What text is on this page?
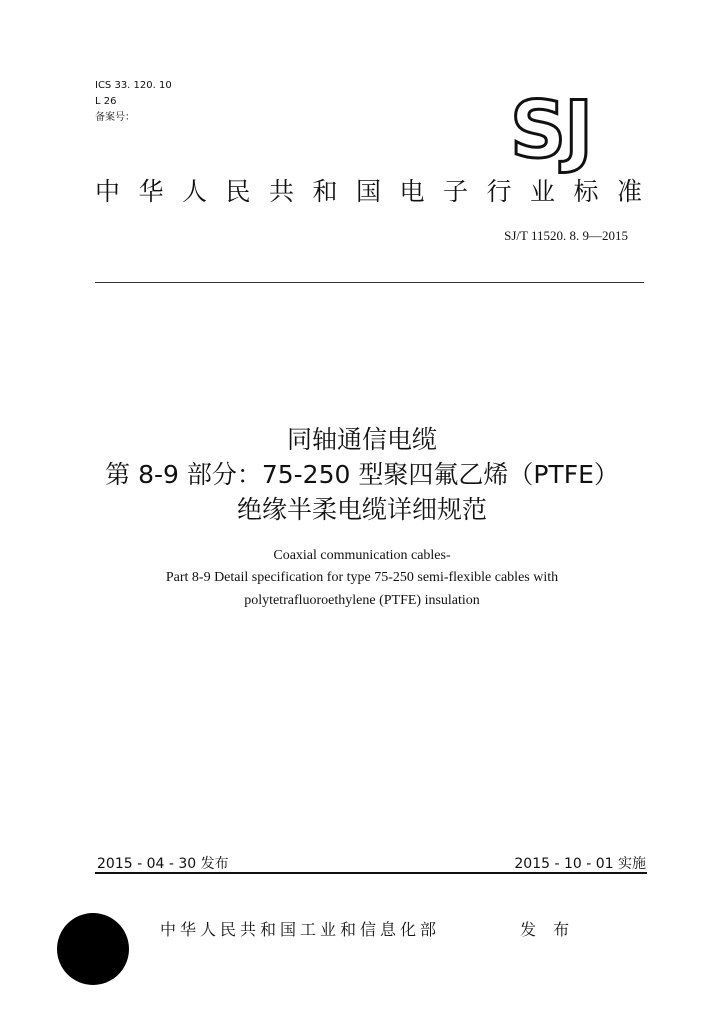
ICS 33. 120. 10
L 26
备案号：	SJ
中华人民共和国电子行业标准
SJ/T 11520. 8. 9—2015
同轴通信电缆
第 8-9 部分：75-250 型聚四氟乙烯（PTFE）
绝缘半柔电缆详细规范
Coaxial communication cables-
Part 8-9 Detail specification for type 75-250 semi-flexible cables with
polytetrafluoroethylene (PTFE) insulation
2015 - 04 - 30 发布	2015 - 10 - 01 实施
中华人民共和国工业和信息化部	发 布
